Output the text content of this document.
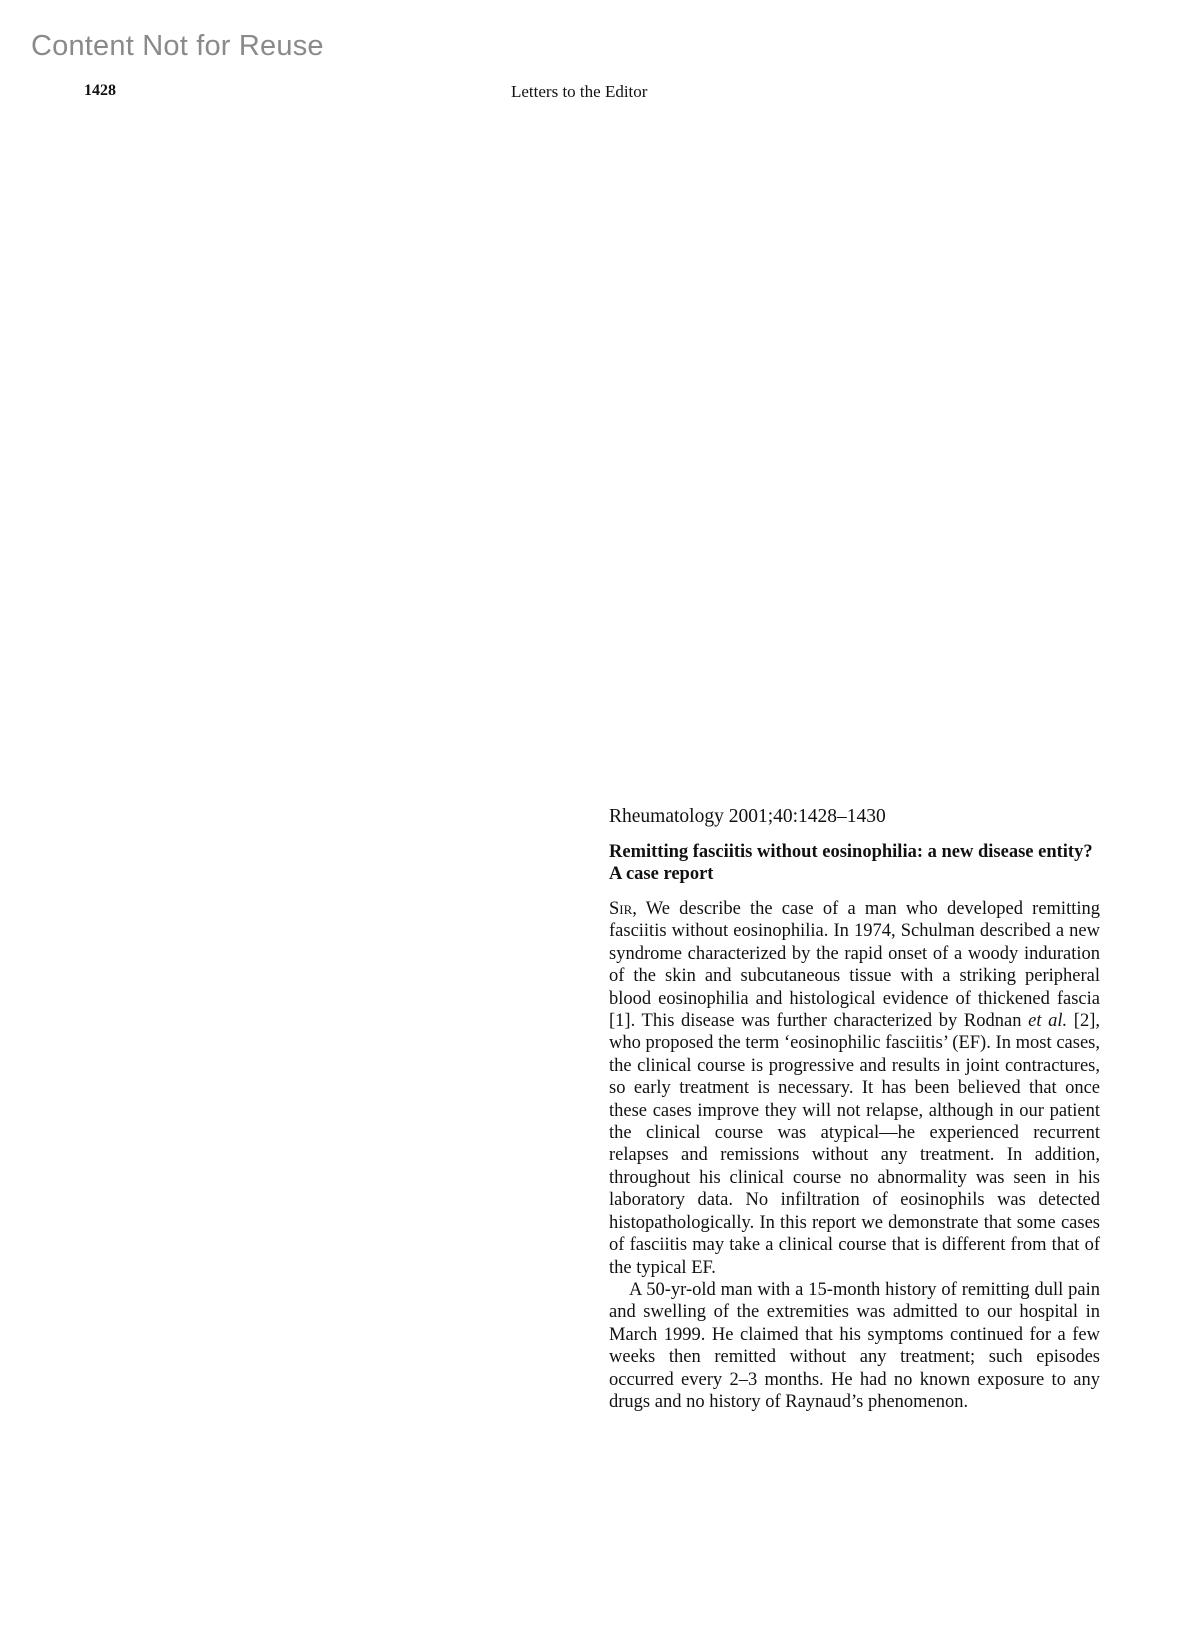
Content Not for Reuse
1428	Letters to the Editor
Rheumatology 2001;40:1428–1430
Remitting fasciitis without eosinophilia: a new disease entity? A case report

Sir, We describe the case of a man who developed remitting fasciitis without eosinophilia. In 1974, Schulman described a new syndrome characterized by the rapid onset of a woody induration of the skin and subcutaneous tissue with a striking peripheral blood eosinophilia and histological evidence of thickened fascia [1]. This disease was further characterized by Rodnan et al. [2], who proposed the term ‘eosinophilic fasciitis’ (EF). In most cases, the clinical course is progressive and results in joint contractures, so early treatment is necessary. It has been believed that once these cases improve they will not relapse, although in our patient the clinical course was atypical—he experienced recurrent relapses and remissions without any treatment. In addition, throughout his clinical course no abnormality was seen in his laboratory data. No infiltration of eosinophils was detected histopathologically. In this report we demonstrate that some cases of fasciitis may take a clinical course that is different from that of the typical EF.

A 50-yr-old man with a 15-month history of remitting dull pain and swelling of the extremities was admitted to our hospital in March 1999. He claimed that his symptoms continued for a few weeks then remitted without any treatment; such episodes occurred every 2–3 months. He had no known exposure to any drugs and no history of Raynaud’s phenomenon.
